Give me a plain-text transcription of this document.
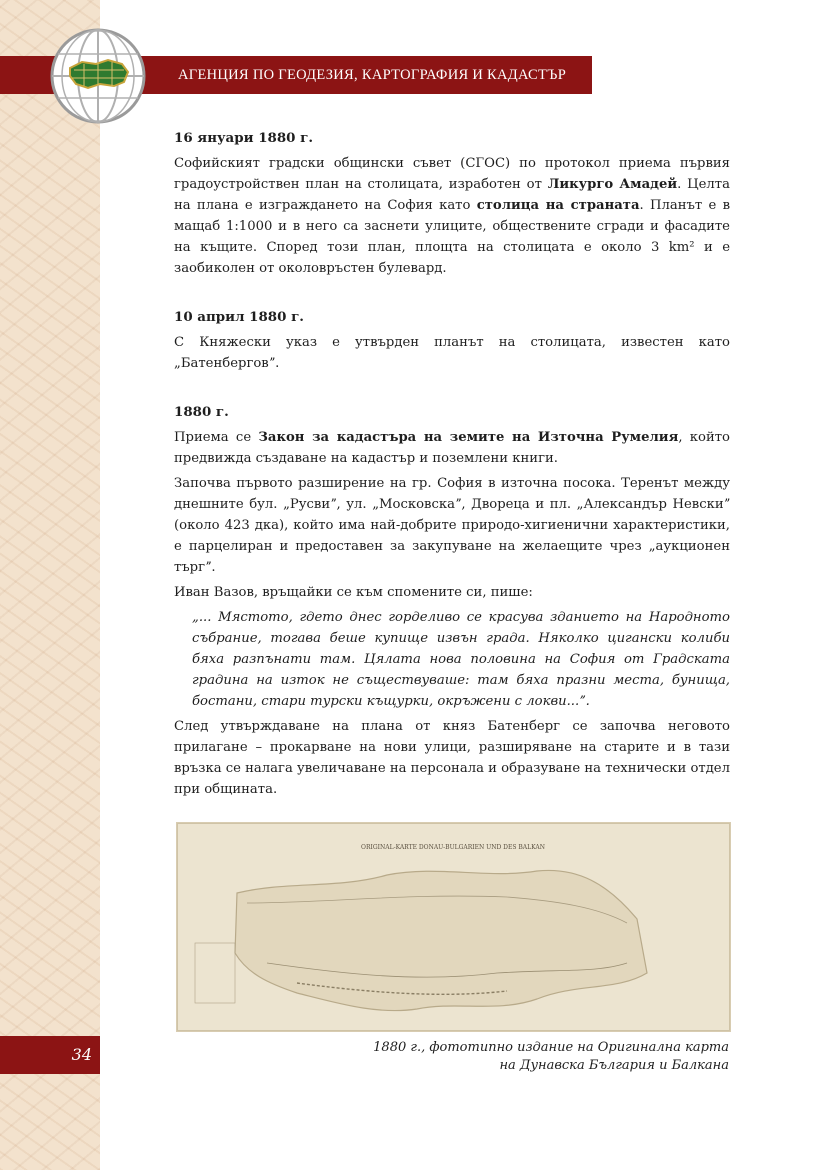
АГЕНЦИЯ ПО ГЕОДЕЗИЯ, КАРТОГРАФИЯ И КАДАСТЪР
16 януари 1880 г.
Софийският градски общински съвет (СГОС) по протокол приема първия градоустройствен план на столицата, изработен от Ликурго Амадей. Целта на плана е изграждането на София като столица на страната. Планът е в мащаб 1:1000 и в него са заснети улиците, обществените сгради и фасадите на къщите. Според този план, площта на столицата е около 3 km² и е заобиколен от околовръстен булевард.
10 април 1880 г.
С Княжески указ е утвърден планът на столицата, известен като „Батенберговˮ.
1880 г.
Приема се Закон за кадастъра на земите на Източна Румелия, който предвижда създаване на кадастър и поземлени книги.
Започва първото разширение на гр. София в източна посока. Теренът между днешните бул. „Русвиˮ, ул. „Московскаˮ, Двореца и пл. „Александър Невскиˮ (около 423 дка), който има най-добрите природо-хигиенични характеристики, е парцелиран и предоставен за закупуване на желаещите чрез „аукционен търгˮ.
Иван Вазов, връщайки се към спомените си, пише:
„... Мястото, гдето днес горделиво се красува зданието на Народното събрание, тогава беше купище извън града. Няколко цигански колиби бяха разпънати там. Цялата нова половина на София от Градската градина на изток не съществуваше: там бяха празни места, бунища, бостани, стари турски къщурки, окръжени с локви...ˮ.
След утвърждаване на плана от княз Батенберг се започва неговото прилагане – прокарване на нови улици, разширяване на старите и в тази връзка се налага увеличаване на персонала и образуване на технически отдел при общината.
ORIGINAL-KARTE DONAU-BULGARIEN UND DES BALKAN
1880 г., фототипно издание на Оригинална карта
на Дунавска България и Балкана
34
